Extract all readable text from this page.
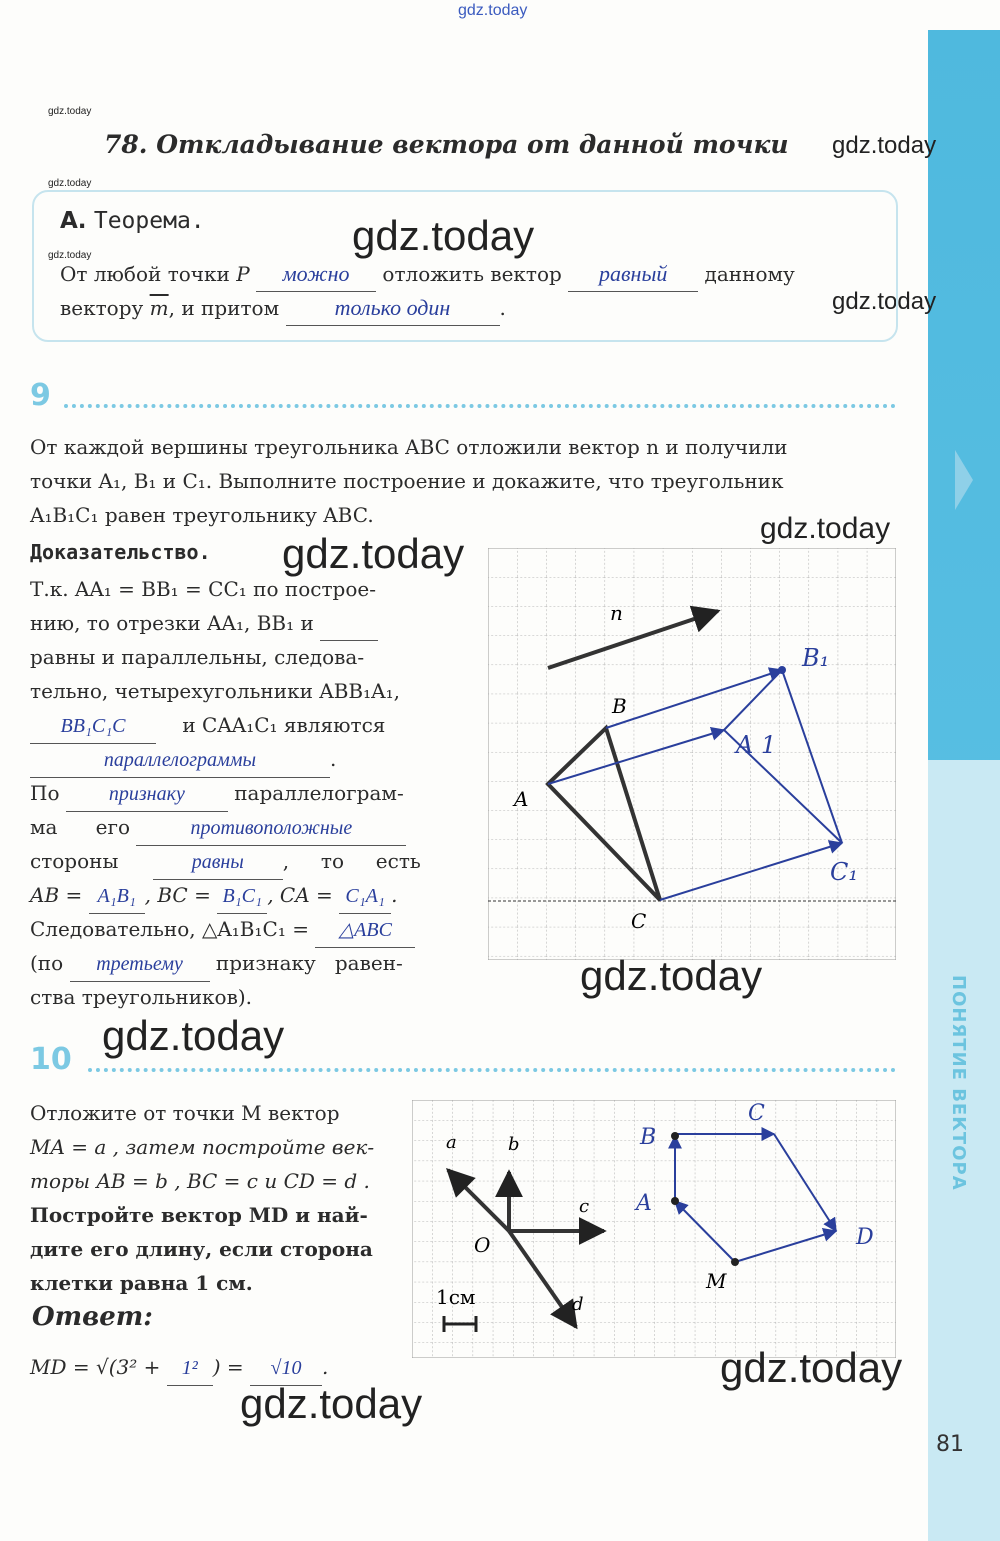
ПОНЯТИЕ ВЕКТОРА
gdz.today
gdz.today
gdz.today
gdz.today
gdz.today
gdz.today
gdz.today
78. Откладывание вектора от данной точки
А. Теорема.	gdz.today
От любой точки P можно отложить вектор равный данному
вектору $\overline{m}$, и притом	только один .
9
От каждой вершины треугольника ABC отложили вектор n и получили
точки A₁, B₁ и C₁. Выполните построение и докажите, что треугольник
A₁B₁C₁ равен треугольнику ABC.
Доказательство. gdz.today
Т.к. AA₁ = BB₁ = CC₁ по построе-
нию, то отрезки AA₁, BB₁ и
равны и параллельны, следова-
тельно, четырехугольники ABB₁A₁,
BB₁C₁C	и CAA₁C₁ являются
параллелограммы	.
По признаку параллелограм-
ма      его	противоположные
стороны	равны ,     то     есть
AB = A₁B₁ , BC = B₁C₁ , CA = C₁A₁ .
Следовательно, △A₁B₁C₁ = △ABC
(по третьему признаку   равен-
ства треугольников).
n
A
B
C
A 1
B₁
C₁
gdz.today
10
gdz.today
Отложите от точки M вектор
MA = a , затем постройте век-
торы AB = b , BC = c и CD = d .
Постройте вектор MD и най-
дите его длину, если сторона
клетки равна 1 см.
Ответ:
MD = √(3² + 1² ) = √10 .
a	b
c
d
O
1см
A
B
C
D
M
gdz.today
gdz.today
81
